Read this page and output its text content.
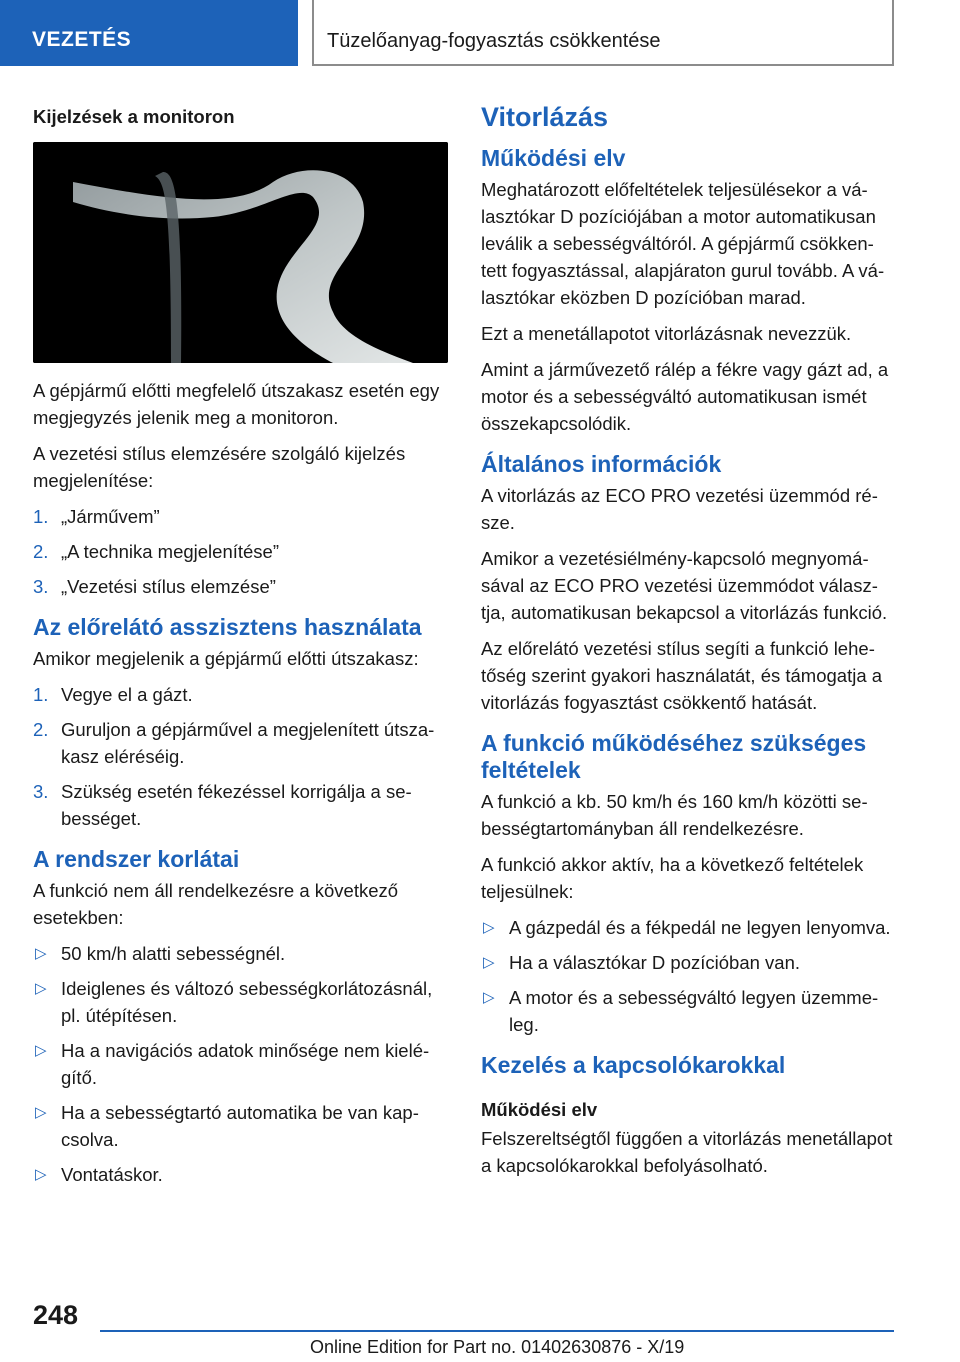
VEZETÉS	Tüzelőanyag-fogyasztás csökkentése
Kijelzések a monitoron

A gépjármű előtti megfelelő útszakasz esetén egy megjegyzés jelenik meg a monitoron.

A vezetési stílus elemzésére szolgáló kijelzés megjelenítése:

1. „Járművem”
2. „A technika megjelenítése”
3. „Vezetési stílus elemzése”
Az előrelátó asszisztens használata

Amikor megjelenik a gépjármű előtti útszakasz:

1. Vegye el a gázt.
2. Guruljon a gépjárművel a megjelenített útszakasz eléréséig.
3. Szükség esetén fékezéssel korrigálja a sebességet.
A rendszer korlátai

A funkció nem áll rendelkezésre a következő esetekben:

▷ 50 km/h alatti sebességnél.
▷ Ideiglenes és változó sebességkorlátozásnál, pl. útépítésen.
▷ Ha a navigációs adatok minősége nem kielégítő.
▷ Ha a sebességtartó automatika be van kapcsolva.
▷ Vontatáskor.
Vitorlázás
Működési elv

Meghatározott előfeltételek teljesülésekor a választókar D pozíciójában a motor automatikusan leválik a sebességváltóról. A gépjármű csökkentett fogyasztással, alapjáraton gurul tovább. A választókar eközben D pozícióban marad.

Ezt a menetállapotot vitorlázásnak nevezzük.

Amint a járművezető rálép a fékre vagy gázt ad, a motor és a sebességváltó automatikusan ismét összekapcsolódik.

Általános információk

A vitorlázás az ECO PRO vezetési üzemmód része.

Amikor a vezetésiélmény-kapcsoló megnyomásával az ECO PRO vezetési üzemmódot választja, automatikusan bekapcsol a vitorlázás funkció.

Az előrelátó vezetési stílus segíti a funkció lehetőség szerint gyakori használatát, és támogatja a vitorlázás fogyasztást csökkentő hatását.

A funkció működéséhez szükséges feltételek

A funkció a kb. 50 km/h és 160 km/h közötti sebességtartományban áll rendelkezésre.

A funkció akkor aktív, ha a következő feltételek teljesülnek:

▷ A gázpedál és a fékpedál ne legyen lenyomva.
▷ Ha a választókar D pozícióban van.
▷ A motor és a sebességváltó legyen üzemmeleg.
Kezelés a kapcsolókarokkal
Működési elv

Felszereltségtől függően a vitorlázás menetállapot a kapcsolókarokkal befolyásolható.

248
Online Edition for Part no. 01402630876 - X/19
